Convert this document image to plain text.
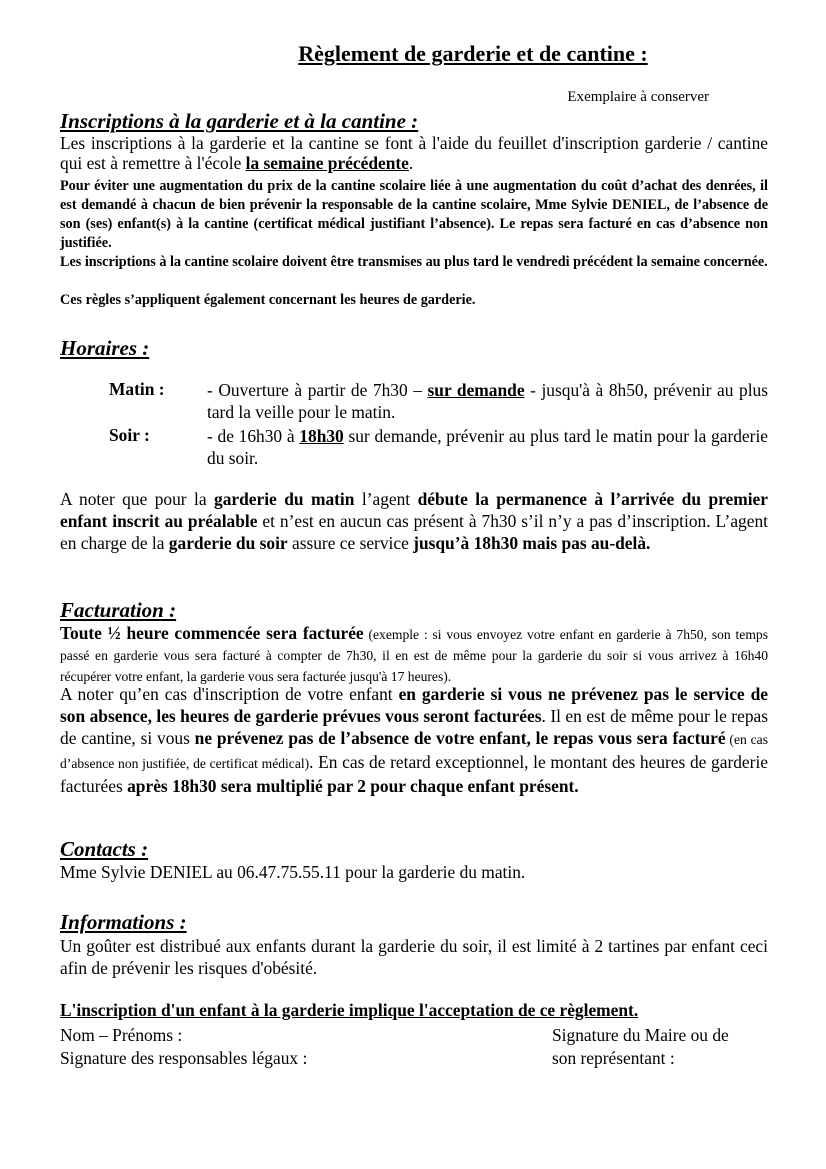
Règlement de garderie et de cantine :
Exemplaire à conserver
Inscriptions à la garderie et à la cantine :
Les inscriptions à la garderie et la cantine se font à l'aide du feuillet d'inscription garderie / cantine qui est à remettre à l'école la semaine précédente.
Pour éviter une augmentation du prix de la cantine scolaire liée à une augmentation du coût d’achat des denrées, il est demandé à chacun de bien prévenir la responsable de la cantine scolaire, Mme Sylvie DENIEL, de l’absence de son (ses) enfant(s) à la cantine (certificat médical justifiant l’absence). Le repas sera facturé en cas d’absence non justifiée.
Les inscriptions à la cantine scolaire doivent être transmises au plus tard le vendredi précédent la semaine concernée.
Ces règles s’appliquent également concernant les heures de garderie.
Horaires :
Matin : - Ouverture à partir de 7h30 – sur demande - jusqu'à à 8h50, prévenir au plus tard la veille pour le matin.
Soir :	- de 16h30 à 18h30 sur demande, prévenir au plus tard le matin pour la garderie du soir.
A noter que pour la garderie du matin l’agent débute la permanence à l’arrivée du premier enfant inscrit au préalable et n’est en aucun cas présent à 7h30 s’il n’y a pas d’inscription. L’agent en charge de la garderie du soir assure ce service jusqu’à 18h30 mais pas au-delà.
Facturation :
Toute ½ heure commencée sera facturée (exemple : si vous envoyez votre enfant en garderie à 7h50, son temps passé en garderie vous sera facturé à compter de 7h30, il en est de même pour la garderie du soir si vous arrivez à 16h40 récupérer votre enfant, la garderie vous sera facturée jusqu'à 17 heures).
A noter qu’en cas d'inscription de votre enfant en garderie si vous ne prévenez pas le service de son absence, les heures de garderie prévues vous seront facturées. Il en est de même pour le repas de cantine, si vous ne prévenez pas de l’absence de votre enfant, le repas vous sera facturé (en cas d’absence non justifiée, de certificat médical). En cas de retard exceptionnel, le montant des heures de garderie facturées après 18h30 sera multiplié par 2 pour chaque enfant présent.
Contacts :
Mme Sylvie DENIEL au 06.47.75.55.11 pour la garderie du matin.
Informations :
Un goûter est distribué aux enfants durant la garderie du soir, il est limité à 2 tartines par enfant ceci afin de prévenir les risques d'obésité.
L'inscription d'un enfant à la garderie implique l'acceptation de ce règlement.
Nom – Prénoms :
Signature des responsables légaux :
Signature du Maire ou de
son représentant :
